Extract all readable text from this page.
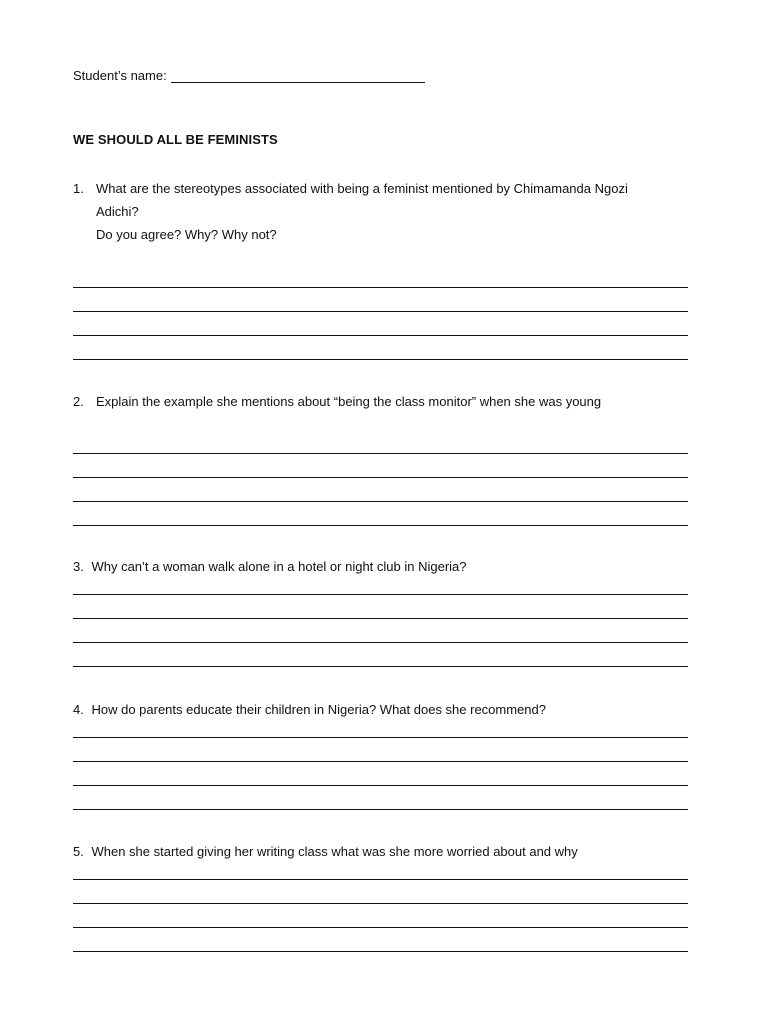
Student’s name:
WE SHOULD ALL BE FEMINISTS
1. What are the stereotypes associated with being a feminist mentioned by Chimamanda Ngozi
Adichi?
Do you agree? Why? Why not?
2. Explain the example she mentions about “being the class monitor” when she was young
3. Why can’t a woman walk alone in a hotel or night club in Nigeria?
4. How do parents educate their children in Nigeria? What does she recommend?
5. When she started giving her writing class what was she more worried about and why
